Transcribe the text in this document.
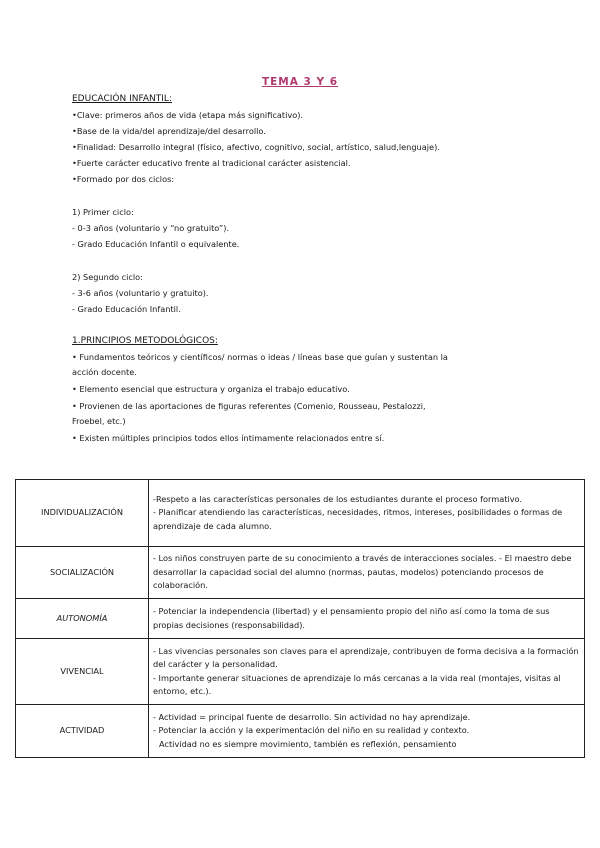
TEMA 3 Y 6
EDUCACIÓN INFANTIL:
•Clave: primeros años de vida (etapa más significativo).
•Base de la vida/del aprendizaje/del desarrollo.
•Finalidad: Desarrollo integral (físico, afectivo, cognitivo, social, artístico, salud,lenguaje).
•Fuerte carácter educativo frente al tradicional carácter asistencial.
•Formado por dos ciclos:
1) Primer ciclo:
- 0-3 años (voluntario y “no gratuito”).
- Grado Educación Infantil o equivalente.
2) Segundo ciclo:
- 3-6 años (voluntario y gratuito).
- Grado Educación Infantil.
1.PRINCIPIOS METODOLÓGICOS:
• Fundamentos teóricos y científicos/ normas o ideas / líneas base que guían y sustentan la
acción docente.
• Elemento esencial que estructura y organiza el trabajo educativo.
• Provienen de las aportaciones de figuras referentes (Comenio, Rousseau, Pestalozzi,
Froebel, etc.)
• Existen múltiples principios todos ellos íntimamente relacionados entre sí.
INDIVIDUALIZACIÓN	-Respeto a las características personales de los estudiantes durante el proceso formativo.
- Planificar atendiendo las características, necesidades, ritmos, intereses, posibilidades o formas de aprendizaje de cada alumno.

SOCIALIZACIÓN	- Los niños construyen parte de su conocimiento a través de interacciones sociales. - El maestro debe desarrollar la capacidad social del alumno (normas, pautas, modelos) potenciando procesos de colaboración.

AUTONOMÍA	- Potenciar la independencia (libertad) y el pensamiento propio del niño así como la toma de sus propias decisiones (responsabilidad).

VIVENCIAL	- Las vivencias personales son claves para el aprendizaje, contribuyen de forma decisiva a la formación del carácter y la personalidad.
- Importante generar situaciones de aprendizaje lo más cercanas a la vida real (montajes, visitas al entorno, etc.).

ACTIVIDAD	- Actividad = principal fuente de desarrollo. Sin actividad no hay aprendizaje.
- Potenciar la acción y la experimentación del niño en su realidad y contexto.
Actividad no es siempre movimiento, también es reflexión, pensamiento
